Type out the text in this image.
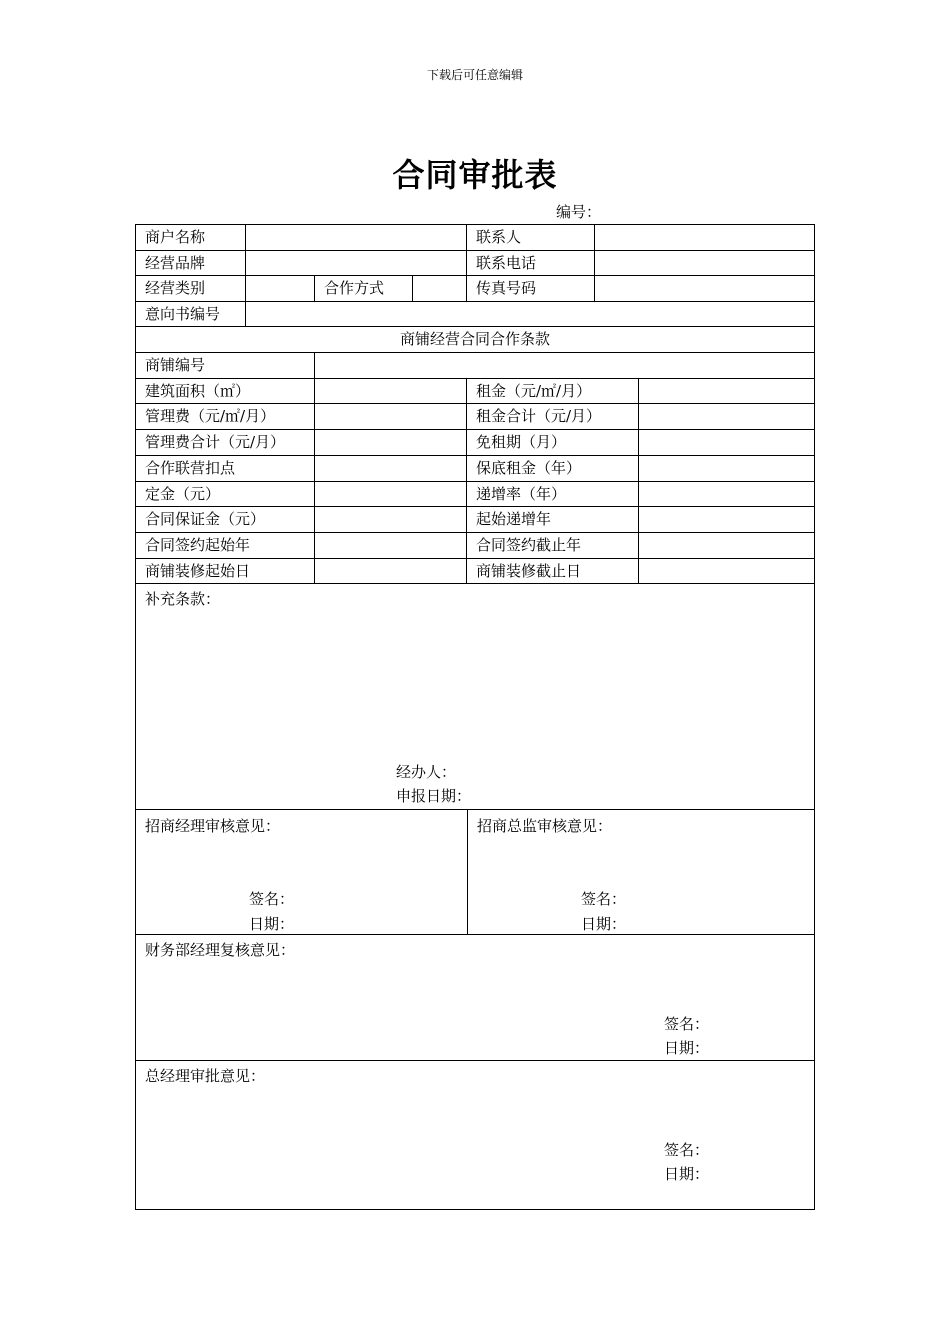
下载后可任意编辑
合同审批表
编号：
商户名称	联系人
经营品牌	联系电话
经营类别	合作方式	传真号码
意向书编号
商铺经营合同合作条款
商铺编号
建筑面积（㎡）	租金（元/㎡/月）
管理费（元/㎡/月）	租金合计（元/月）
管理费合计（元/月）	免租期（月）
合作联营扣点	保底租金（年）
定金（元）	递增率（年）
合同保证金（元）	起始递增年
合同签约起始年	合同签约截止年
商铺装修起始日	商铺装修截止日
补充条款：
经办人：
申报日期：
招商经理审核意见：
签名：
日期：
招商总监审核意见：
签名：
日期：
财务部经理复核意见：
签名：
日期：
总经理审批意见：
签名：
日期：
